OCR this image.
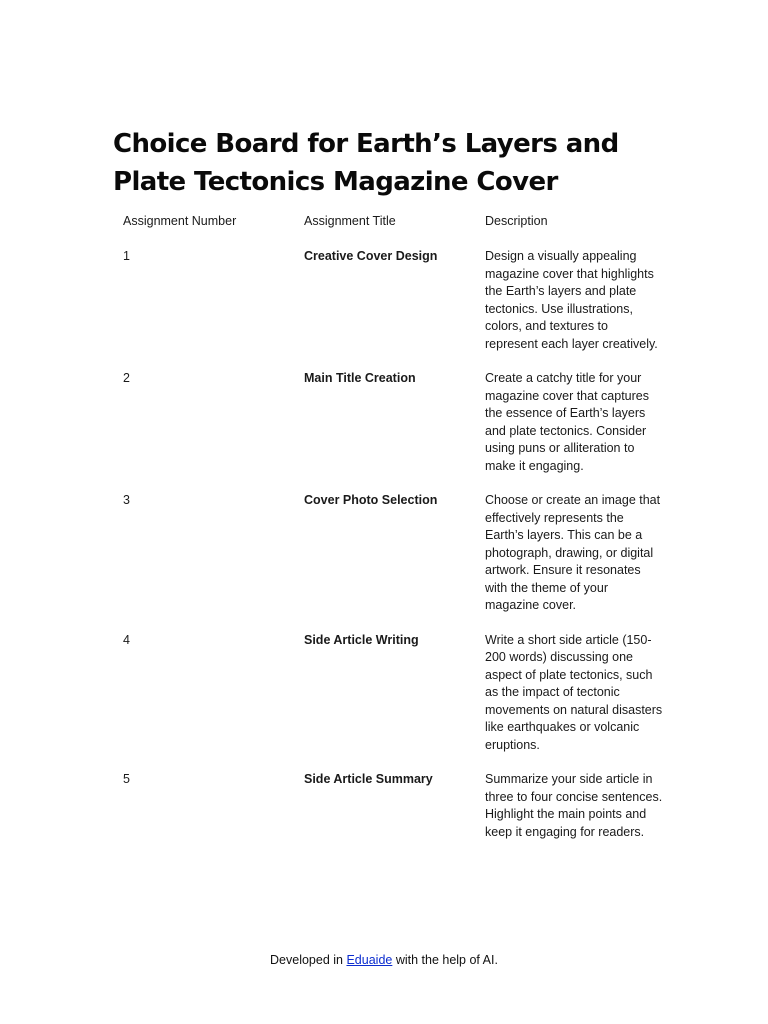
Choice Board for Earth’s Layers and Plate Tectonics Magazine Cover
Assignment Number	Assignment Title	Description
1	Creative Cover Design	Design a visually appealing magazine cover that highlights the Earth’s layers and plate tectonics. Use illustrations, colors, and textures to represent each layer creatively.
2	Main Title Creation	Create a catchy title for your magazine cover that captures the essence of Earth’s layers and plate tectonics. Consider using puns or alliteration to make it engaging.
3	Cover Photo Selection	Choose or create an image that effectively represents the Earth’s layers. This can be a photograph, drawing, or digital artwork. Ensure it resonates with the theme of your magazine cover.
4	Side Article Writing	Write a short side article (150-200 words) discussing one aspect of plate tectonics, such as the impact of tectonic movements on natural disasters like earthquakes or volcanic eruptions.
5	Side Article Summary	Summarize your side article in three to four concise sentences. Highlight the main points and keep it engaging for readers.
Developed in Eduaide with the help of AI.
